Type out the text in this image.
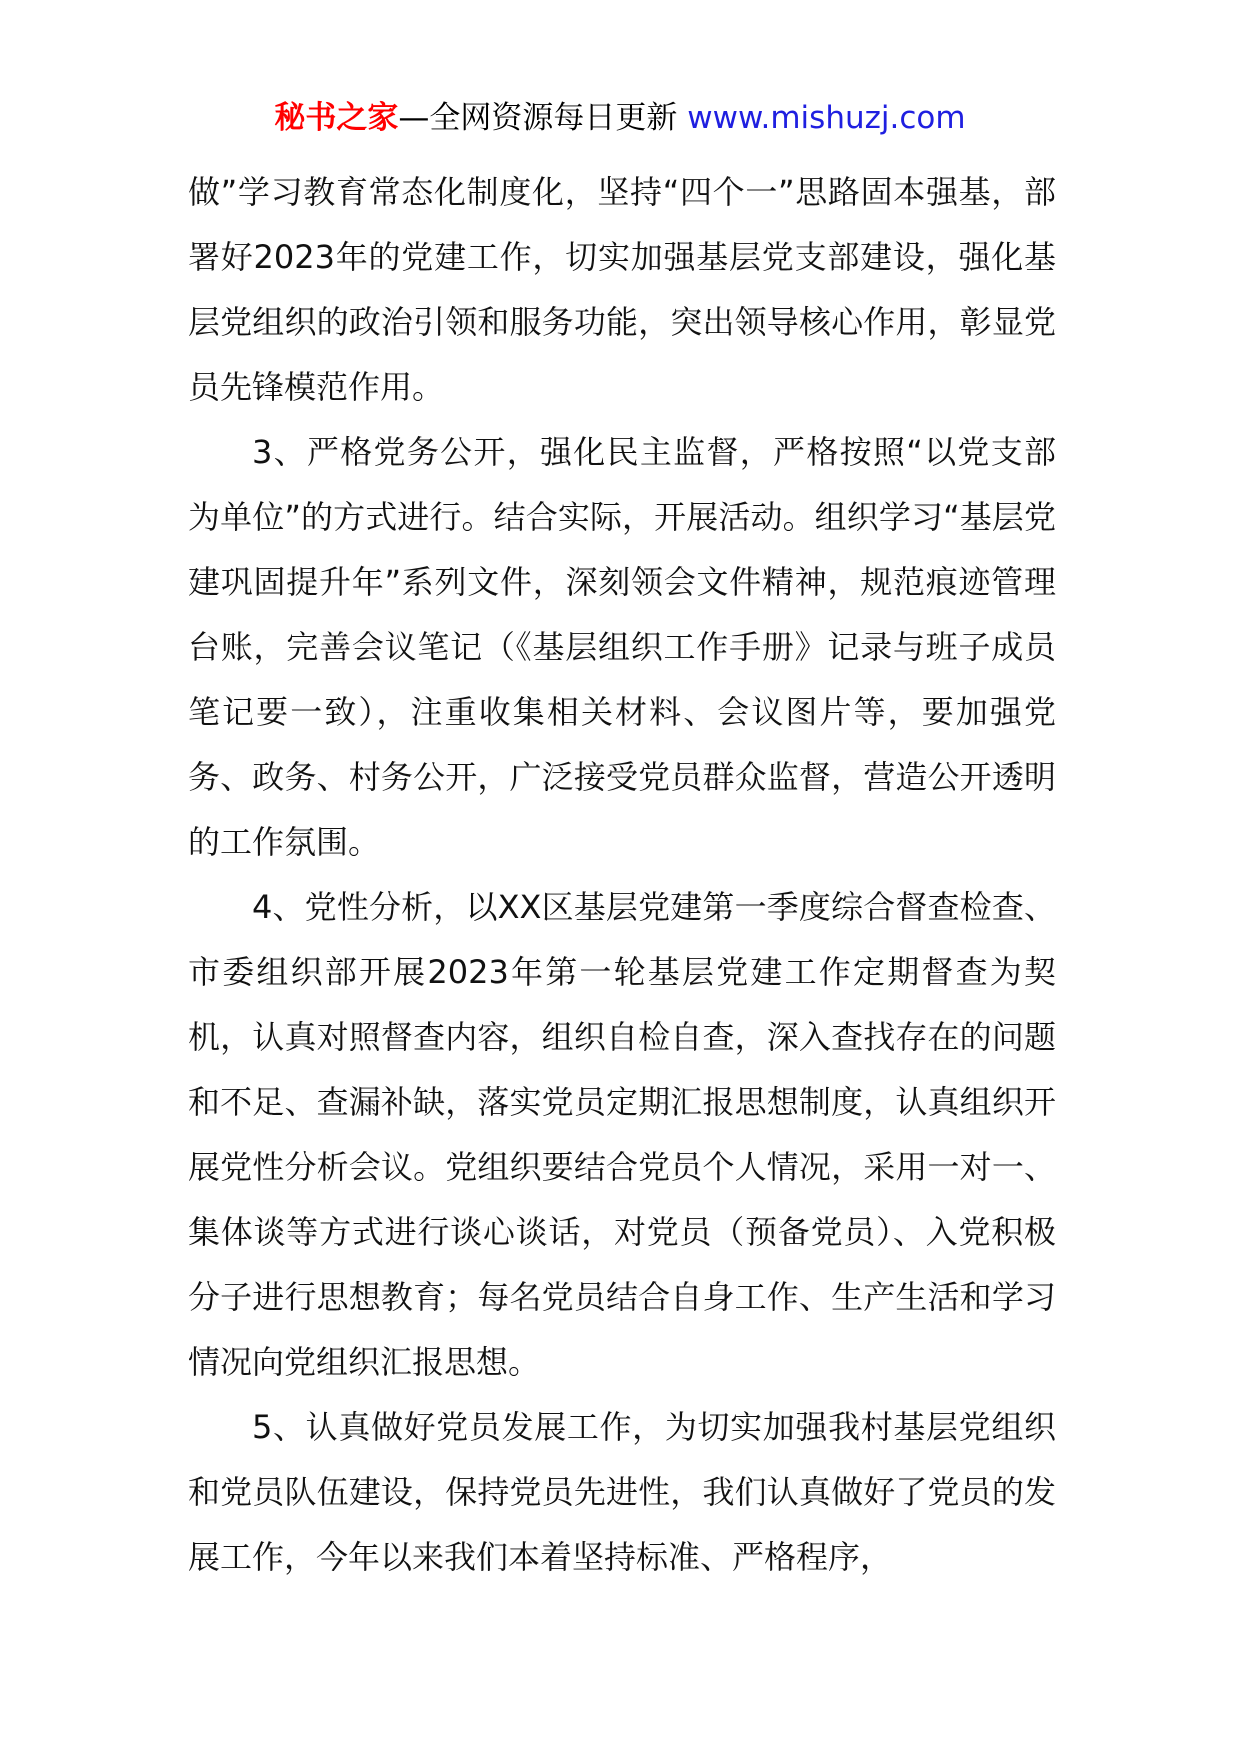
秘书之家—全网资源每日更新 www.mishuzj.com

做”学习教育常态化制度化，坚持“四个一”思路固本强基，部署好2023年的党建工作，切实加强基层党支部建设，强化基层党组织的政治引领和服务功能，突出领导核心作用，彰显党员先锋模范作用。

3、严格党务公开，强化民主监督，严格按照“以党支部为单位”的方式进行。结合实际，开展活动。组织学习“基层党建巩固提升年”系列文件，深刻领会文件精神，规范痕迹管理台账，完善会议笔记（《基层组织工作手册》记录与班子成员笔记要一致），注重收集相关材料、会议图片等，要加强党务、政务、村务公开，广泛接受党员群众监督，营造公开透明的工作氛围。

4、党性分析，以XX区基层党建第一季度综合督查检查、市委组织部开展2023年第一轮基层党建工作定期督查为契机，认真对照督查内容，组织自检自查，深入查找存在的问题和不足、查漏补缺，落实党员定期汇报思想制度，认真组织开展党性分析会议。党组织要结合党员个人情况，采用一对一、集体谈等方式进行谈心谈话，对党员（预备党员）、入党积极分子进行思想教育；每名党员结合自身工作、生产生活和学习情况向党组织汇报思想。

5、认真做好党员发展工作，为切实加强我村基层党组织和党员队伍建设，保持党员先进性，我们认真做好了党员的发展工作，今年以来我们本着坚持标准、严格程序，
